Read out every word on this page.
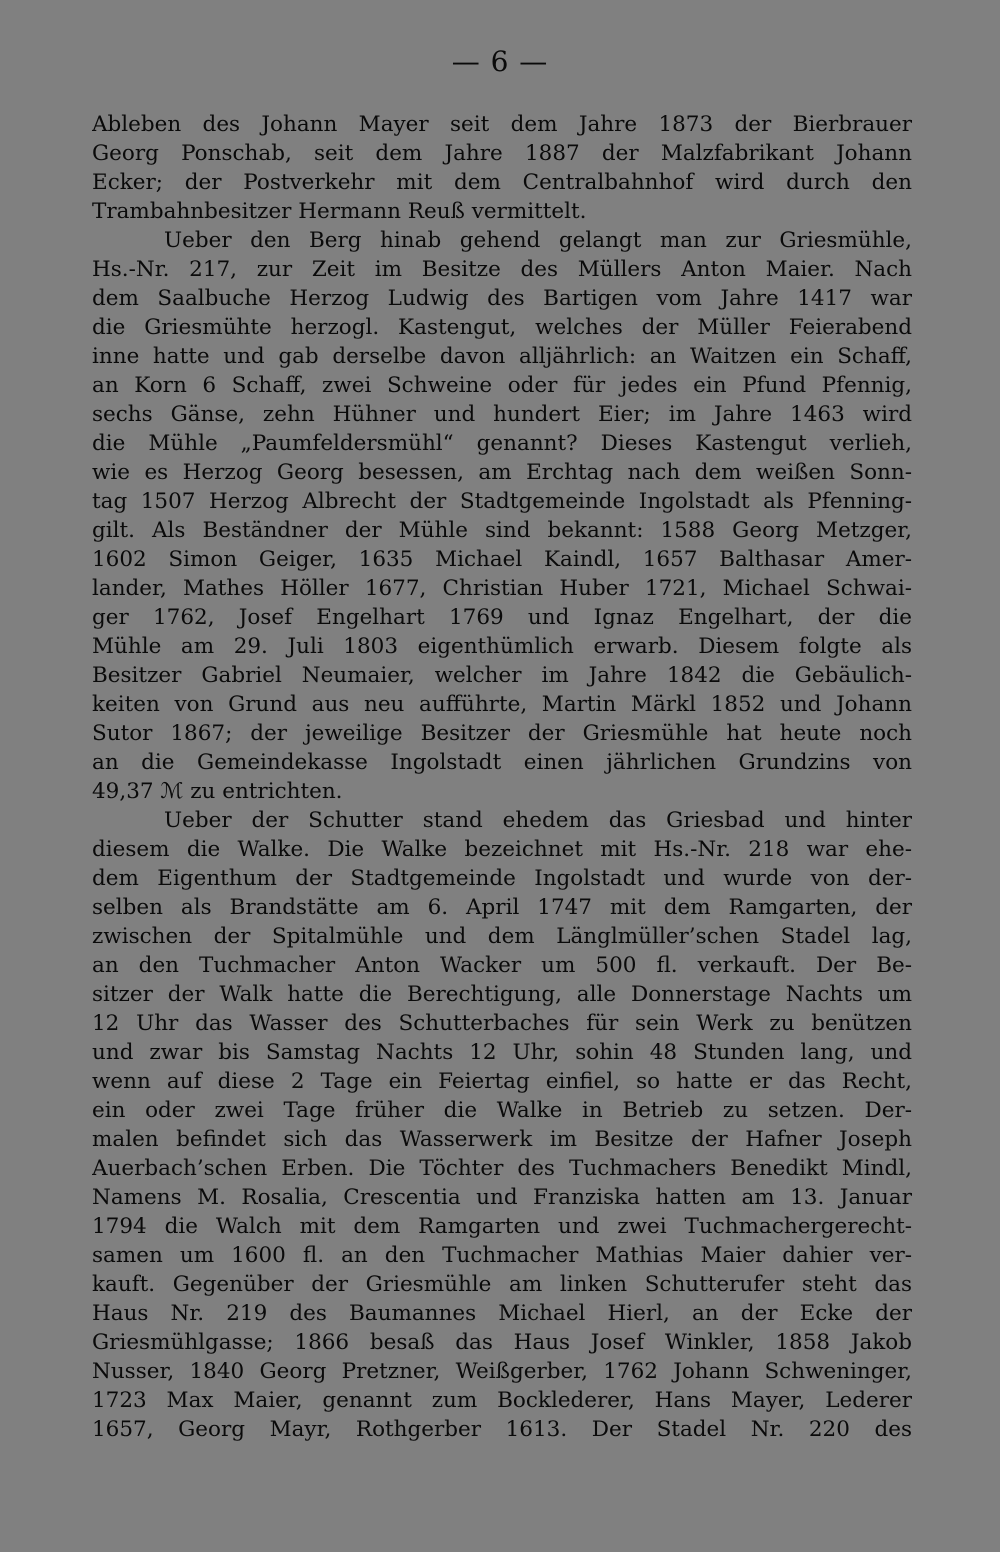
— 6 —
Ableben des Johann Mayer seit dem Jahre 1873 der Bierbrauer
Georg Ponschab, seit dem Jahre 1887 der Malzfabrikant Johann
Ecker; der Postverkehr mit dem Centralbahnhof wird durch den
Trambahnbesitzer Hermann Reuß vermittelt.
Ueber den Berg hinab gehend gelangt man zur Griesmühle,
Hs.-Nr. 217, zur Zeit im Besitze des Müllers Anton Maier. Nach
dem Saalbuche Herzog Ludwig des Bartigen vom Jahre 1417 war
die Griesmühte herzogl. Kastengut, welches der Müller Feierabend
inne hatte und gab derselbe davon alljährlich: an Waitzen ein Schaff,
an Korn 6 Schaff, zwei Schweine oder für jedes ein Pfund Pfennig,
sechs Gänse, zehn Hühner und hundert Eier; im Jahre 1463 wird
die Mühle „Paumfeldersmühl“ genannt? Dieses Kastengut verlieh,
wie es Herzog Georg besessen, am Erchtag nach dem weißen Sonn-
tag 1507 Herzog Albrecht der Stadtgemeinde Ingolstadt als Pfenning-
gilt. Als Beständner der Mühle sind bekannt: 1588 Georg Metzger,
1602 Simon Geiger, 1635 Michael Kaindl, 1657 Balthasar Amer-
lander, Mathes Höller 1677, Christian Huber 1721, Michael Schwai-
ger 1762, Josef Engelhart 1769 und Ignaz Engelhart, der die
Mühle am 29. Juli 1803 eigenthümlich erwarb. Diesem folgte als
Besitzer Gabriel Neumaier, welcher im Jahre 1842 die Gebäulich-
keiten von Grund aus neu aufführte, Martin Märkl 1852 und Johann
Sutor 1867; der jeweilige Besitzer der Griesmühle hat heute noch
an die Gemeindekasse Ingolstadt einen jährlichen Grundzins von
49,37 ℳ zu entrichten.
Ueber der Schutter stand ehedem das Griesbad und hinter
diesem die Walke. Die Walke bezeichnet mit Hs.-Nr. 218 war ehe-
dem Eigenthum der Stadtgemeinde Ingolstadt und wurde von der-
selben als Brandstätte am 6. April 1747 mit dem Ramgarten, der
zwischen der Spitalmühle und dem Länglmüller’schen Stadel lag,
an den Tuchmacher Anton Wacker um 500 fl. verkauft. Der Be-
sitzer der Walk hatte die Berechtigung, alle Donnerstage Nachts um
12 Uhr das Wasser des Schutterbaches für sein Werk zu benützen
und zwar bis Samstag Nachts 12 Uhr, sohin 48 Stunden lang, und
wenn auf diese 2 Tage ein Feiertag einfiel, so hatte er das Recht,
ein oder zwei Tage früher die Walke in Betrieb zu setzen. Der-
malen befindet sich das Wasserwerk im Besitze der Hafner Joseph
Auerbach’schen Erben. Die Töchter des Tuchmachers Benedikt Mindl,
Namens M. Rosalia, Crescentia und Franziska hatten am 13. Januar
1794 die Walch mit dem Ramgarten und zwei Tuchmachergerecht-
samen um 1600 fl. an den Tuchmacher Mathias Maier dahier ver-
kauft. Gegenüber der Griesmühle am linken Schutterufer steht das
Haus Nr. 219 des Baumannes Michael Hierl, an der Ecke der
Griesmühlgasse; 1866 besaß das Haus Josef Winkler, 1858 Jakob
Nusser, 1840 Georg Pretzner, Weißgerber, 1762 Johann Schweninger,
1723 Max Maier, genannt zum Bocklederer, Hans Mayer, Lederer
1657, Georg Mayr, Rothgerber 1613. Der Stadel Nr. 220 des
